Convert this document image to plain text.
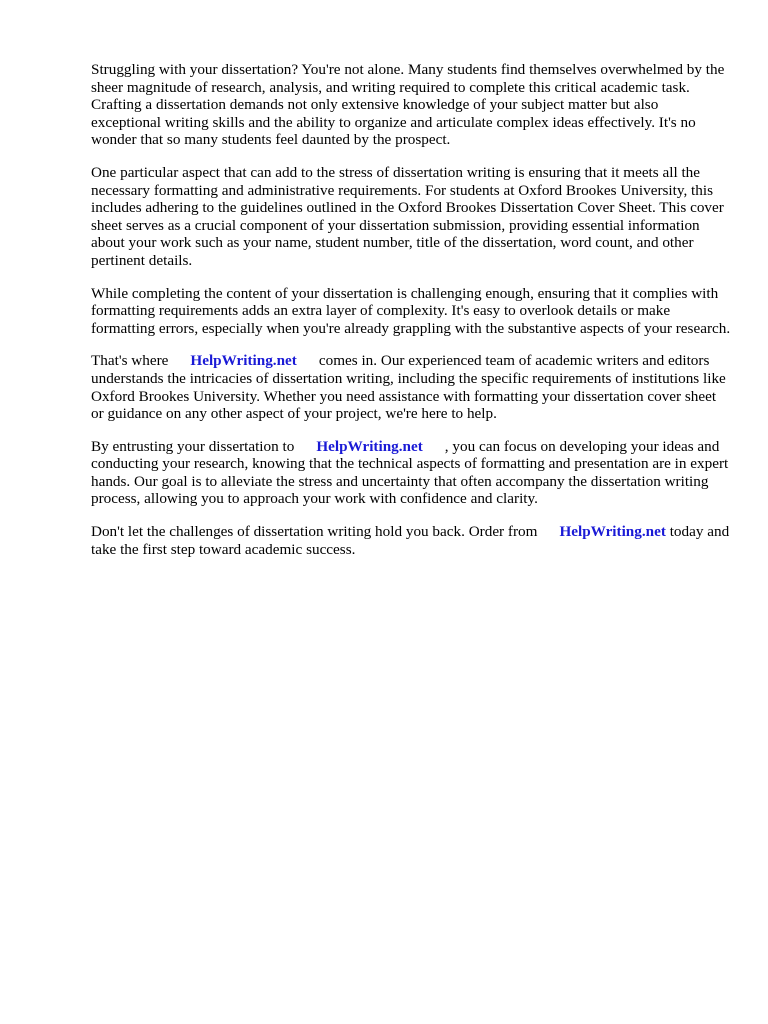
Struggling with your dissertation? You're not alone. Many students find themselves overwhelmed by the sheer magnitude of research, analysis, and writing required to complete this critical academic task. Crafting a dissertation demands not only extensive knowledge of your subject matter but also exceptional writing skills and the ability to organize and articulate complex ideas effectively. It's no wonder that so many students feel daunted by the prospect.

One particular aspect that can add to the stress of dissertation writing is ensuring that it meets all the necessary formatting and administrative requirements. For students at Oxford Brookes University, this includes adhering to the guidelines outlined in the Oxford Brookes Dissertation Cover Sheet. This cover sheet serves as a crucial component of your dissertation submission, providing essential information about your work such as your name, student number, title of the dissertation, word count, and other pertinent details.

While completing the content of your dissertation is challenging enough, ensuring that it complies with formatting requirements adds an extra layer of complexity. It's easy to overlook details or make formatting errors, especially when you're already grappling with the substantive aspects of your research.

That's where HelpWriting.net comes in. Our experienced team of academic writers and editors understands the intricacies of dissertation writing, including the specific requirements of institutions like Oxford Brookes University. Whether you need assistance with formatting your dissertation cover sheet or guidance on any other aspect of your project, we're here to help.

By entrusting your dissertation to HelpWriting.net , you can focus on developing your ideas and conducting your research, knowing that the technical aspects of formatting and presentation are in expert hands. Our goal is to alleviate the stress and uncertainty that often accompany the dissertation writing process, allowing you to approach your work with confidence and clarity.

Don't let the challenges of dissertation writing hold you back. Order from HelpWriting.net today and take the first step toward academic success.
